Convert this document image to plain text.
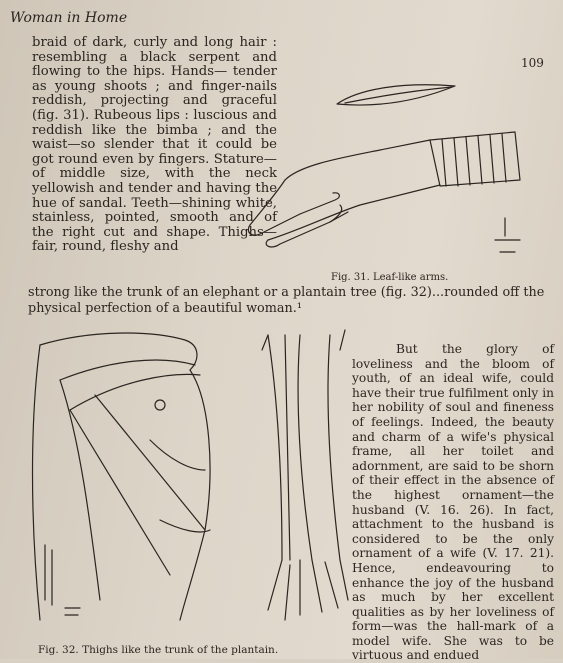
Woman in Home
109

braid of dark, curly and long hair : resembling a black serpent and flowing to the hips. Hands— tender as young shoots ; and finger-nails reddish, projecting and graceful (fig. 31). Rubeous lips : luscious and reddish like the bimba ; and the waist—so slender that it could be got round even by fingers. Stature—of middle size, with the neck yellowish and tender and having the hue of sandal. Teeth—shining white, stainless, pointed, smooth and of the right cut and shape. Thighs—fair, round, fleshy and

Fig. 31. Leaf-like arms.
strong like the trunk of an elephant or a plantain tree (fig. 32)...rounded off the
physical perfection of a beautiful woman.¹

But the glory of loveliness and the bloom of youth, of an ideal wife, could have their true fulfilment only in her nobility of soul and fineness of feelings. Indeed, the beauty and charm of a wife's physical frame, all her toilet and adornment, are said to be shorn of their effect in the absence of the highest ornament—the husband (V. 16. 26). In fact, attachment to the husband is considered to be the only ornament of a wife (V. 17. 21). Hence, endeavouring to enhance the joy of the husband as much by her excellent qualities as by her loveliness of form—was the hall-mark of a model wife. She was to be virtuous and endued

Fig. 32. Thighs like the trunk of the plantain.
